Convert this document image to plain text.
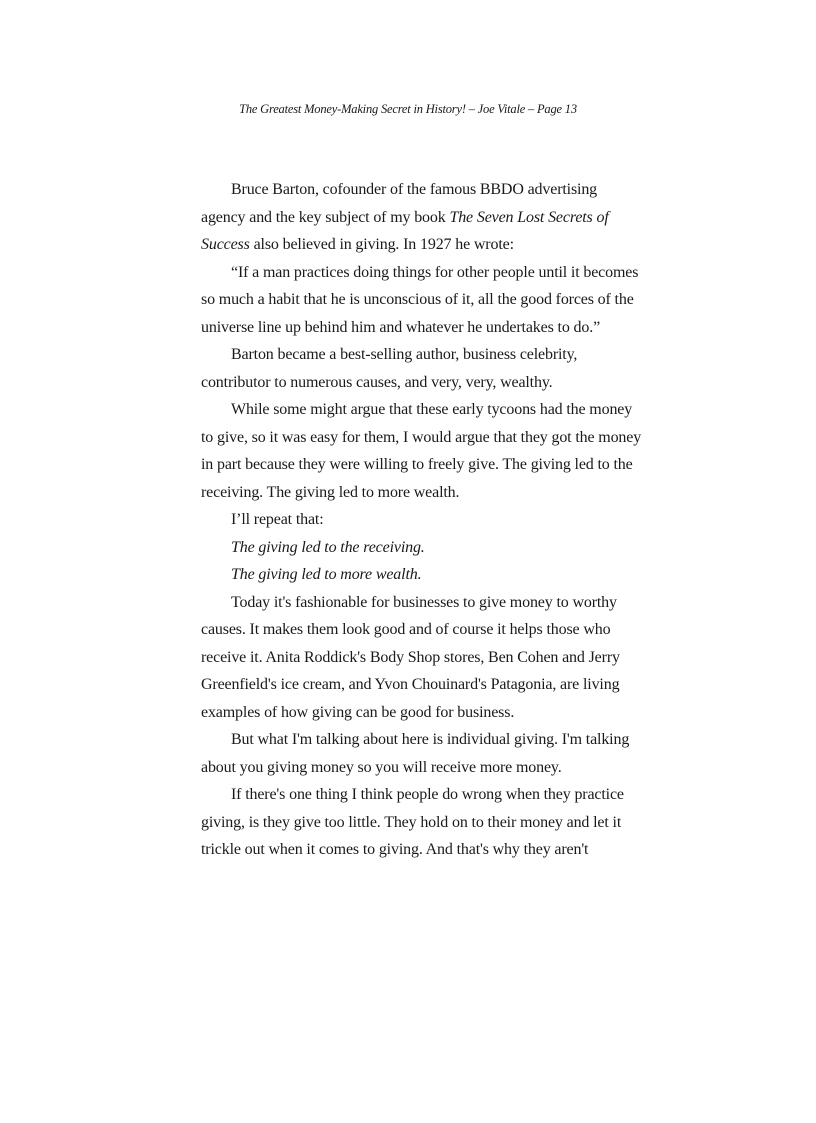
The Greatest Money-Making Secret in History! – Joe Vitale – Page 13

Bruce Barton, cofounder of the famous BBDO advertising agency and the key subject of my book The Seven Lost Secrets of Success also believed in giving. In 1927 he wrote:

“If a man practices doing things for other people until it becomes so much a habit that he is unconscious of it, all the good forces of the universe line up behind him and whatever he undertakes to do.”

Barton became a best-selling author, business celebrity, contributor to numerous causes, and very, very, wealthy.

While some might argue that these early tycoons had the money to give, so it was easy for them, I would argue that they got the money in part because they were willing to freely give. The giving led to the receiving. The giving led to more wealth.

I’ll repeat that:

The giving led to the receiving.

The giving led to more wealth.

Today it's fashionable for businesses to give money to worthy causes. It makes them look good and of course it helps those who receive it. Anita Roddick's Body Shop stores, Ben Cohen and Jerry Greenfield's ice cream, and Yvon Chouinard's Patagonia, are living examples of how giving can be good for business.

But what I'm talking about here is individual giving. I'm talking about you giving money so you will receive more money.

If there's one thing I think people do wrong when they practice giving, is they give too little. They hold on to their money and let it trickle out when it comes to giving. And that's why they aren't
